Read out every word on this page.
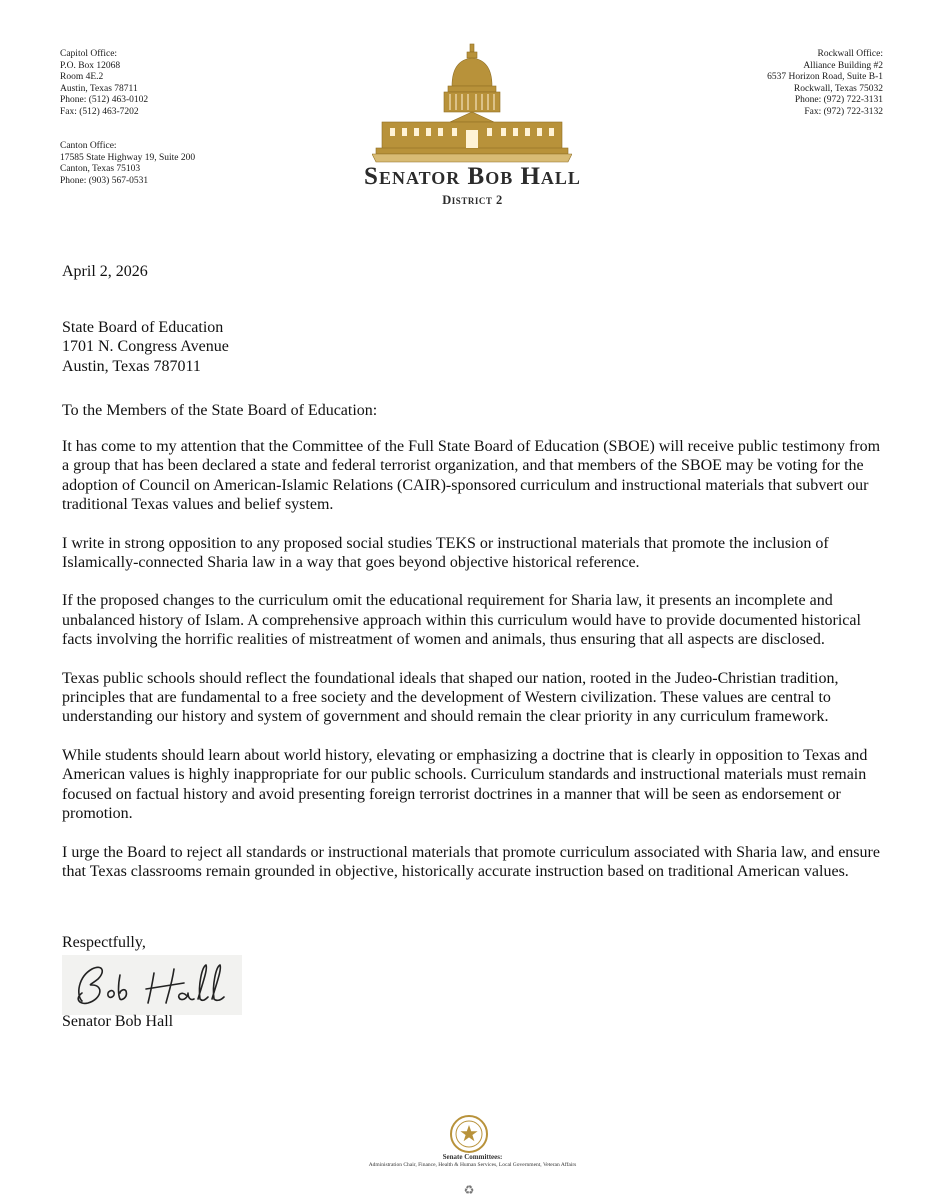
Capitol Office:
P.O. Box 12068
Room 4E.2
Austin, Texas 78711
Phone: (512) 463-0102
Fax: (512) 463-7202
Canton Office:
17585 State Highway 19, Suite 200
Canton, Texas 75103
Phone: (903) 567-0531
Rockwall Office:
Alliance Building #2
6537 Horizon Road, Suite B-1
Rockwall, Texas 75032
Phone: (972) 722-3131
Fax: (972) 722-3132
Senator Bob Hall
District 2
April 2, 2026
State Board of Education
1701 N. Congress Avenue
Austin, Texas 787011
To the Members of the State Board of Education:

It has come to my attention that the Committee of the Full State Board of Education (SBOE) will receive public testimony from a group that has been declared a state and federal terrorist organization, and that members of the SBOE may be voting for the adoption of Council on American-Islamic Relations (CAIR)-sponsored curriculum and instructional materials that subvert our traditional Texas values and belief system.

I write in strong opposition to any proposed social studies TEKS or instructional materials that promote the inclusion of Islamically-connected Sharia law in a way that goes beyond objective historical reference.

If the proposed changes to the curriculum omit the educational requirement for Sharia law, it presents an incomplete and unbalanced history of Islam. A comprehensive approach within this curriculum would have to provide documented historical facts involving the horrific realities of mistreatment of women and animals, thus ensuring that all aspects are disclosed.

Texas public schools should reflect the foundational ideals that shaped our nation, rooted in the Judeo-Christian tradition, principles that are fundamental to a free society and the development of Western civilization. These values are central to understanding our history and system of government and should remain the clear priority in any curriculum framework.

While students should learn about world history, elevating or emphasizing a doctrine that is clearly in opposition to Texas and American values is highly inappropriate for our public schools. Curriculum standards and instructional materials must remain focused on factual history and avoid presenting foreign terrorist doctrines in a manner that will be seen as endorsement or promotion.

I urge the Board to reject all standards or instructional materials that promote curriculum associated with Sharia law, and ensure that Texas classrooms remain grounded in objective, historically accurate instruction based on traditional American values.

Respectfully,
Senator Bob Hall
Senate Committees:
Administration Chair, Finance, Health & Human Services, Local Government, Veteran Affairs
♻
